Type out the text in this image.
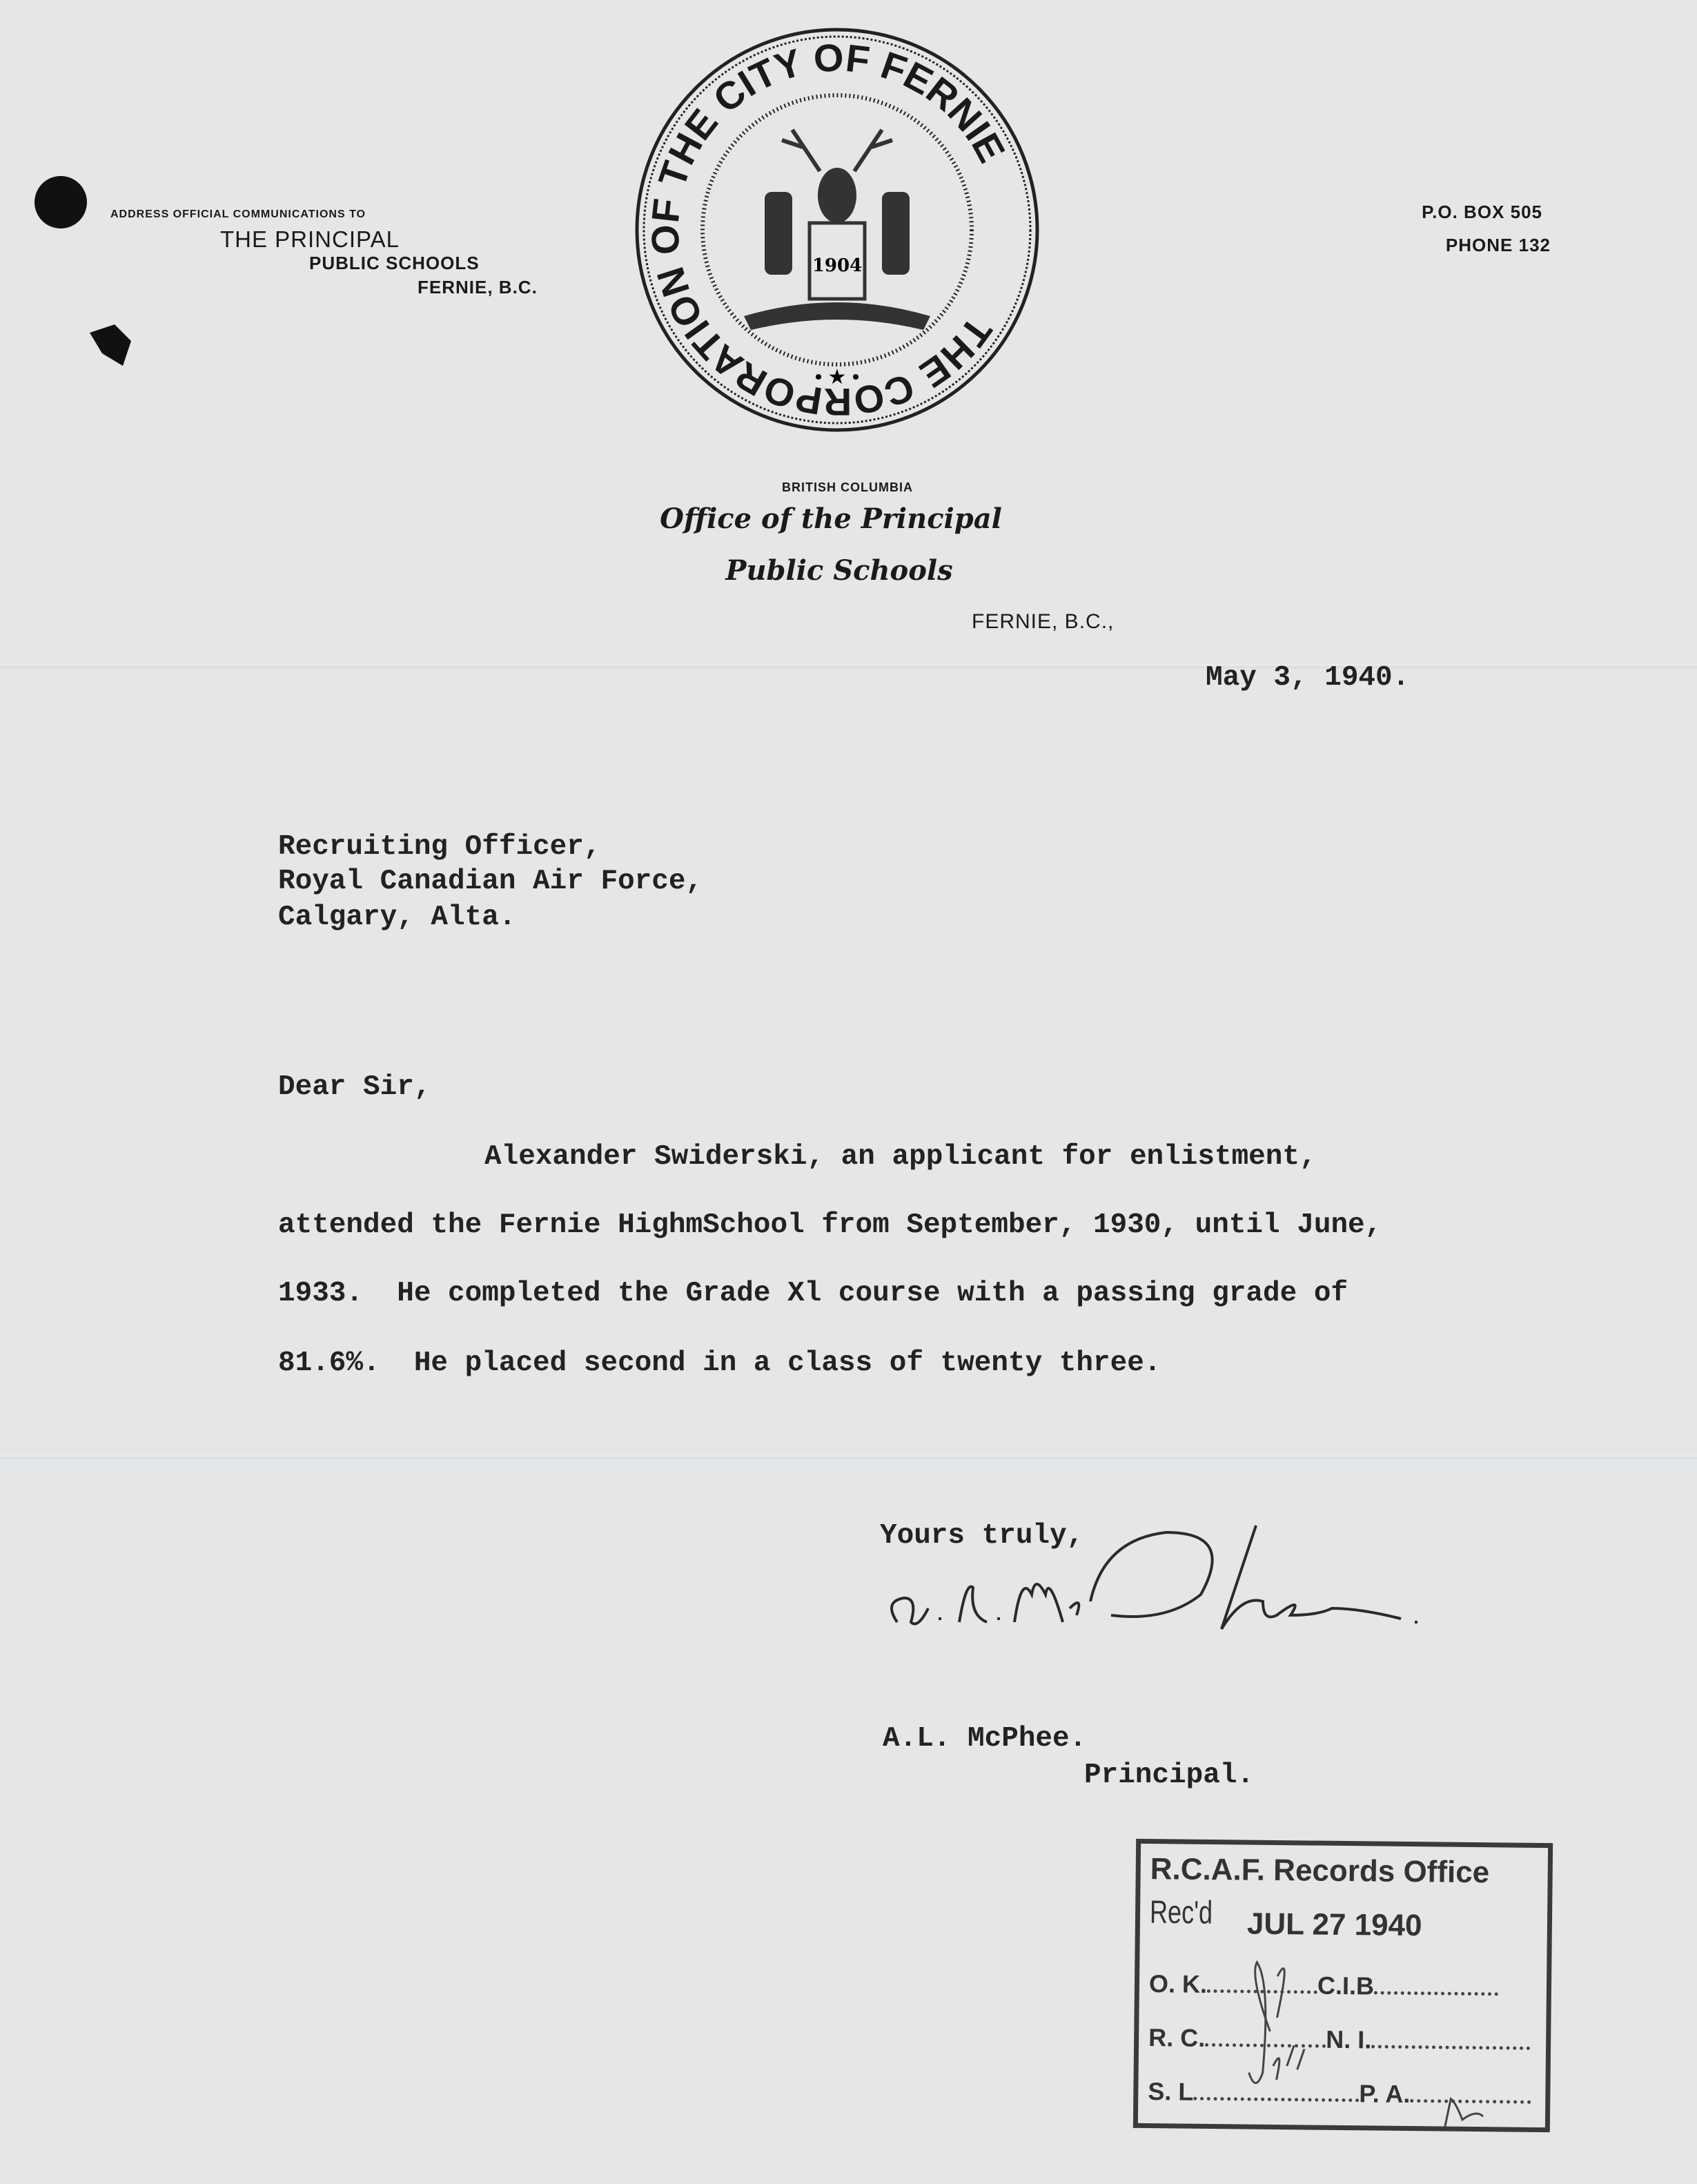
ADDRESS OFFICIAL COMMUNICATIONS TO
THE PRINCIPAL
PUBLIC SCHOOLS
FERNIE, B.C.
P.O. BOX 505
PHONE 132
THE CORPORATION OF THE CITY OF FERNIE
1904
• ★ •
BRITISH COLUMBIA
Office of the Principal
Public Schools
FERNIE, B.C.,
May 3, 1940.
Recruiting Officer,
Royal Canadian Air Force,
Calgary, Alta.
Dear Sir,
Alexander Swiderski, an applicant for enlistment,
attended the Fernie HighmSchool from September, 1930, until June,
1933.  He completed the Grade Xl course with a passing grade of
81.6%.  He placed second in a class of twenty three.
Yours truly,
A.L. McPhee.
Principal.
R.C.A.F. Records Office
Rec'd JUL 27 1940
O. K.	C.I.B
R. C.	N. I.
S. L	P. A.
